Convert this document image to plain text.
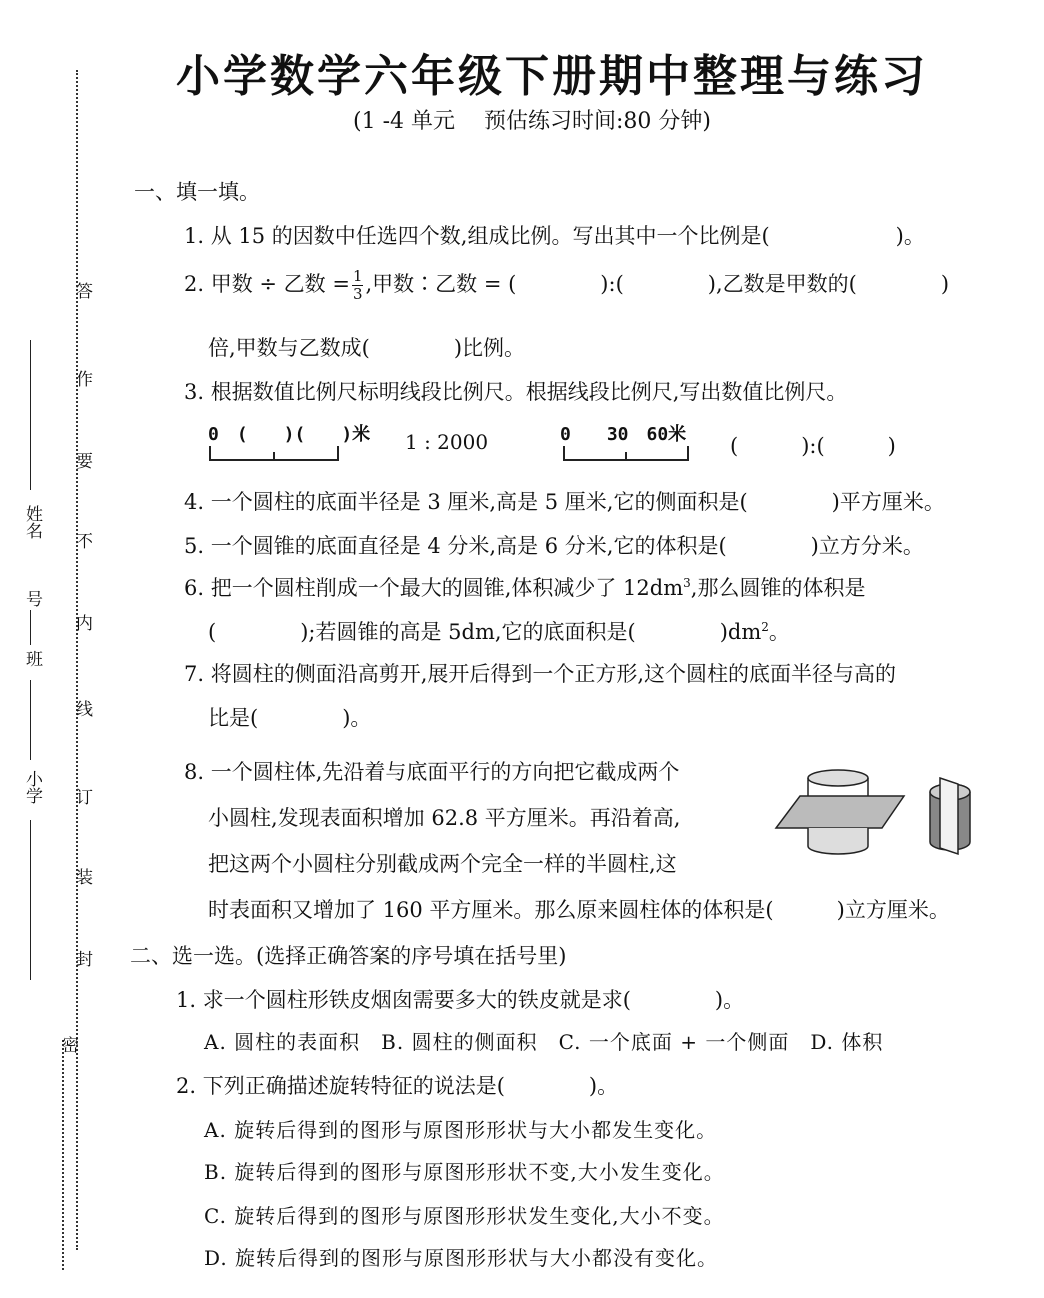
答
作
要
不
内
线
订
装
封
密
小学
班
号
姓名
小学数学六年级下册期中整理与练习
(1 -4 单元　 预估练习时间:80 分钟)
一、填一填。
1. 从 15 的因数中任选四个数,组成比例。写出其中一个比例是(　　　　　　)。
2. 甲数 ÷ 乙数 = $\frac{1}{3}$ ,甲数∶乙数 = (　　　　):(　　　　),乙数是甲数的(　　　　)
倍,甲数与乙数成(　　　　)比例。
3. 根据数值比例尺标明线段比例尺。根据线段比例尺,写出数值比例尺。
0　(　　)(　　)米 1 : 2000	0　　30　60米 (　　　):(　　　)
4. 一个圆柱的底面半径是 3 厘米,高是 5 厘米,它的侧面积是(　　　　)平方厘米。
5. 一个圆锥的底面直径是 4 分米,高是 6 分米,它的体积是(　　　　)立方分米。
6. 把一个圆柱削成一个最大的圆锥,体积减少了 $12dm^3$,那么圆锥的体积是
(　　　　);若圆锥的高是 5dm,它的底面积是(　　　　)$dm^2$。
7. 将圆柱的侧面沿高剪开,展开后得到一个正方形,这个圆柱的底面半径与高的
比是(　　　　)。
8. 一个圆柱体,先沿着与底面平行的方向把它截成两个
小圆柱,发现表面积增加 62.8 平方厘米。再沿着高,
把这两个小圆柱分别截成两个完全一样的半圆柱,这
时表面积又增加了 160 平方厘米。那么原来圆柱体的体积是(　　　)立方厘米。
二、选一选。(选择正确答案的序号填在括号里)
1. 求一个圆柱形铁皮烟囱需要多大的铁皮就是求(　　　　)。
A. 圆柱的表面积　B. 圆柱的侧面积　C. 一个底面 + 一个侧面　D. 体积
2. 下列正确描述旋转特征的说法是(　　　　)。
A. 旋转后得到的图形与原图形形状与大小都发生变化。
B. 旋转后得到的图形与原图形形状不变,大小发生变化。
C. 旋转后得到的图形与原图形形状发生变化,大小不变。
D. 旋转后得到的图形与原图形形状与大小都没有变化。
